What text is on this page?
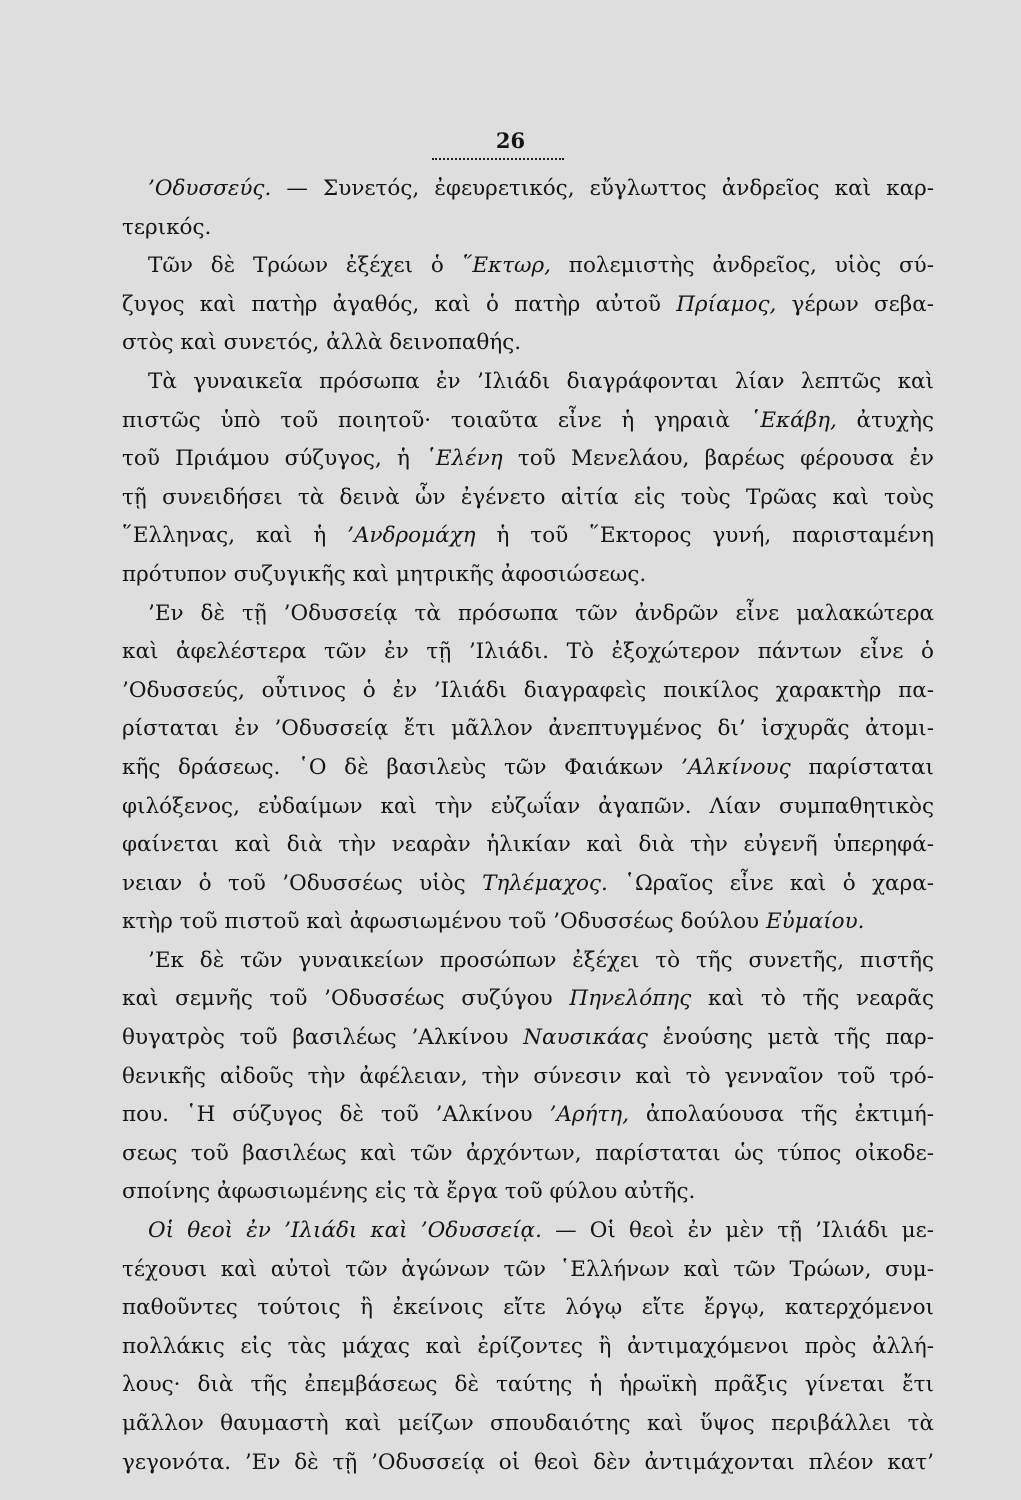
26
’Οδυσσεύς. — Συνετός, ἐφευρετικός, εὔγλωττος ἀνδρεῖος καὶ καρ-
τερικός.
Τῶν δὲ Τρώων ἐξέχει ὁ ῞Εκτωρ, πολεμιστὴς ἀνδρεῖος, υἱὸς σύ-
ζυγος καὶ πατὴρ ἀγαθός, καὶ ὁ πατὴρ αὐτοῦ Πρίαμος, γέρων σεβα-
στὸς καὶ συνετός, ἀλλὰ δεινοπαθής.
Τὰ γυναικεῖα πρόσωπα ἐν ’Ιλιάδι διαγράφονται λίαν λεπτῶς καὶ
πιστῶς ὑπὸ τοῦ ποιητοῦ· τοιαῦτα εἶνε ἡ γηραιὰ ῾Εκάβη, ἀτυχὴς
τοῦ Πριάμου σύζυγος, ἡ ῾Ελένη τοῦ Μενελάου, βαρέως φέρουσα ἐν
τῇ συνειδήσει τὰ δεινὰ ὧν ἐγένετο αἰτία εἰς τοὺς Τρῶας καὶ τοὺς
῞Ελληνας, καὶ ἡ ’Ανδρομάχη ἡ τοῦ ῞Εκτορος γυνή, παρισταμένη
πρότυπον συζυγικῆς καὶ μητρικῆς ἀφοσιώσεως.
’Εν δὲ τῇ ’Οδυσσείᾳ τὰ πρόσωπα τῶν ἀνδρῶν εἶνε μαλακώτερα
καὶ ἀφελέστερα τῶν ἐν τῇ ’Ιλιάδι. Τὸ ἐξοχώτερον πάντων εἶνε ὁ
’Οδυσσεύς, οὗτινος ὁ ἐν ’Ιλιάδι διαγραφεὶς ποικίλος χαρακτὴρ πα-
ρίσταται ἐν ’Οδυσσείᾳ ἔτι μᾶλλον ἀνεπτυγμένος δι’ ἰσχυρᾶς ἀτομι-
κῆς δράσεως. ῾Ο δὲ βασιλεὺς τῶν Φαιάκων ’Αλκίνους παρίσταται
φιλόξενος, εὐδαίμων καὶ τὴν εὐζωΐαν ἀγαπῶν. Λίαν συμπαθητικὸς
φαίνεται καὶ διὰ τὴν νεαρὰν ἡλικίαν καὶ διὰ τὴν εὐγενῆ ὑπερηφά-
νειαν ὁ τοῦ ’Οδυσσέως υἱὸς Τηλέμαχος. ῾Ωραῖος εἶνε καὶ ὁ χαρα-
κτὴρ τοῦ πιστοῦ καὶ ἀφωσιωμένου τοῦ ’Οδυσσέως δούλου Εὐμαίου.
’Εκ δὲ τῶν γυναικείων προσώπων ἐξέχει τὸ τῆς συνετῆς, πιστῆς
καὶ σεμνῆς τοῦ ’Οδυσσέως συζύγου Πηνελόπης καὶ τὸ τῆς νεαρᾶς
θυγατρὸς τοῦ βασιλέως ’Αλκίνου Ναυσικάας ἑνούσης μετὰ τῆς παρ-
θενικῆς αἰδοῦς τὴν ἀφέλειαν, τὴν σύνεσιν καὶ τὸ γενναῖον τοῦ τρό-
που. ῾Η σύζυγος δὲ τοῦ ’Αλκίνου ’Αρήτη, ἀπολαύουσα τῆς ἐκτιμή-
σεως τοῦ βασιλέως καὶ τῶν ἀρχόντων, παρίσταται ὡς τύπος οἰκοδε-
σποίνης ἀφωσιωμένης εἰς τὰ ἔργα τοῦ φύλου αὐτῆς.
Οἱ θεοὶ ἐν ’Ιλιάδι καὶ ’Οδυσσείᾳ. — Οἱ θεοὶ ἐν μὲν τῇ ’Ιλιάδι με-
τέχουσι καὶ αὐτοὶ τῶν ἀγώνων τῶν ῾Ελλήνων καὶ τῶν Τρώων, συμ-
παθοῦντες τούτοις ἢ ἐκείνοις εἴτε λόγῳ εἴτε ἔργῳ, κατερχόμενοι
πολλάκις εἰς τὰς μάχας καὶ ἐρίζοντες ἢ ἀντιμαχόμενοι πρὸς ἀλλή-
λους· διὰ τῆς ἐπεμβάσεως δὲ ταύτης ἡ ἡρωϊκὴ πρᾶξις γίνεται ἔτι
μᾶλλον θαυμαστὴ καὶ μείζων σπουδαιότης καὶ ὕψος περιβάλλει τὰ
γεγονότα. ’Εν δὲ τῇ ’Οδυσσείᾳ οἱ θεοὶ δὲν ἀντιμάχονται πλέον κατ’
